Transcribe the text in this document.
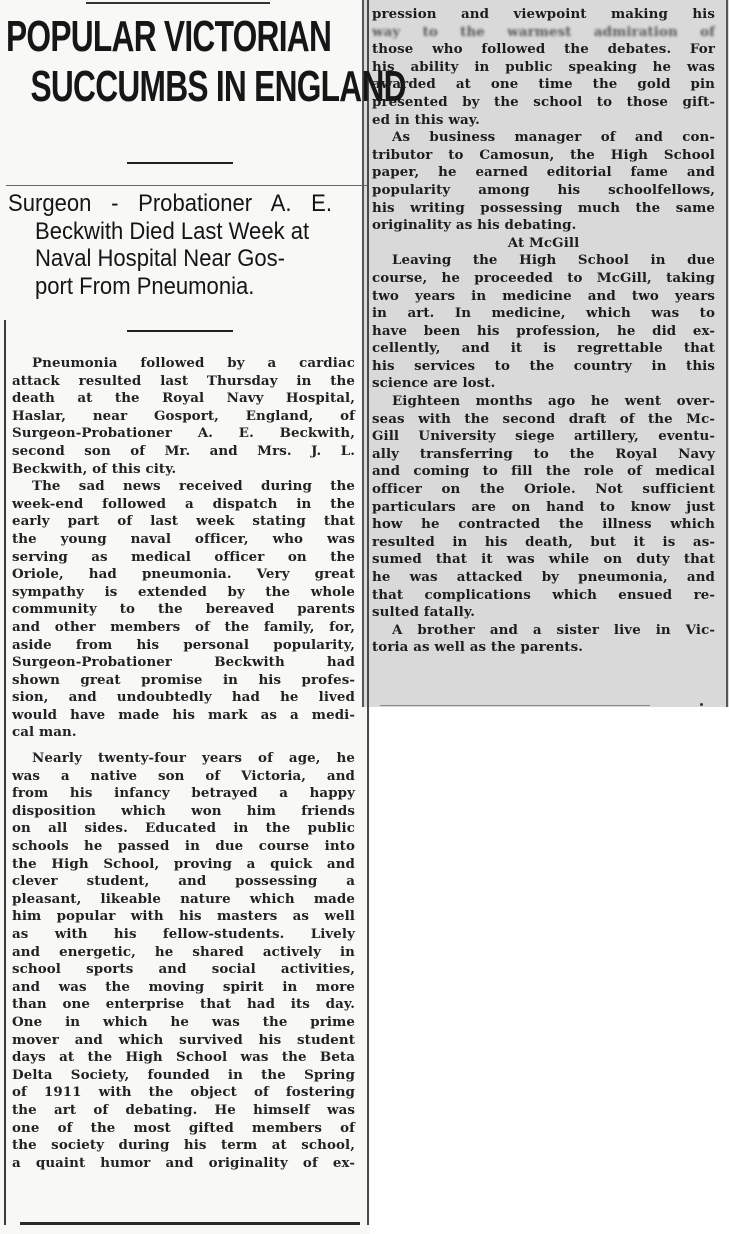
POPULAR VICTORIAN
SUCCUMBS IN ENGLAND
Surgeon - Probationer A. E.
Beckwith Died Last Week at
Naval Hospital Near Gos-
port From Pneumonia.
Pneumonia followed by a cardiac
attack resulted last Thursday in the
death at the Royal Navy Hospital,
Haslar, near Gosport, England, of
Surgeon-Probationer A. E. Beckwith,
second son of Mr. and Mrs. J. L.
Beckwith, of this city.
The sad news received during the
week-end followed a dispatch in the
early part of last week stating that
the young naval officer, who was
serving as medical officer on the
Oriole, had pneumonia. Very great
sympathy is extended by the whole
community to the bereaved parents
and other members of the family, for,
aside from his personal popularity,
Surgeon-Probationer Beckwith had
shown great promise in his profes-
sion, and undoubtedly had he lived
would have made his mark as a medi-
cal man.
Nearly twenty-four years of age, he
was a native son of Victoria, and
from his infancy betrayed a happy
disposition which won him friends
on all sides. Educated in the public
schools he passed in due course into
the High School, proving a quick and
clever student, and possessing a
pleasant, likeable nature which made
him popular with his masters as well
as with his fellow-students. Lively
and energetic, he shared actively in
school sports and social activities,
and was the moving spirit in more
than one enterprise that had its day.
One in which he was the prime
mover and which survived his student
days at the High School was the Beta
Delta Society, founded in the Spring
of 1911 with the object of fostering
the art of debating. He himself was
one of the most gifted members of
the society during his term at school,
a quaint humor and originality of ex-
pression and viewpoint making his
way to the warmest admiration of
those who followed the debates. For
his ability in public speaking he was
awarded at one time the gold pin
presented by the school to those gift-
ed in this way.
As business manager of and con-
tributor to Camosun, the High School
paper, he earned editorial fame and
popularity among his schoolfellows,
his writing possessing much the same
originality as his debating.
At McGill
Leaving the High School in due
course, he proceeded to McGill, taking
two years in medicine and two years
in art. In medicine, which was to
have been his profession, he did ex-
cellently, and it is regrettable that
his services to the country in this
science are lost.
Eighteen months ago he went over-
seas with the second draft of the Mc-
Gill University siege artillery, eventu-
ally transferring to the Royal Navy
and coming to fill the role of medical
officer on the Oriole. Not sufficient
particulars are on hand to know just
how he contracted the illness which
resulted in his death, but it is as-
sumed that it was while on duty that
he was attacked by pneumonia, and
that complications which ensued re-
sulted fatally.
A brother and a sister live in Vic-
toria as well as the parents.
